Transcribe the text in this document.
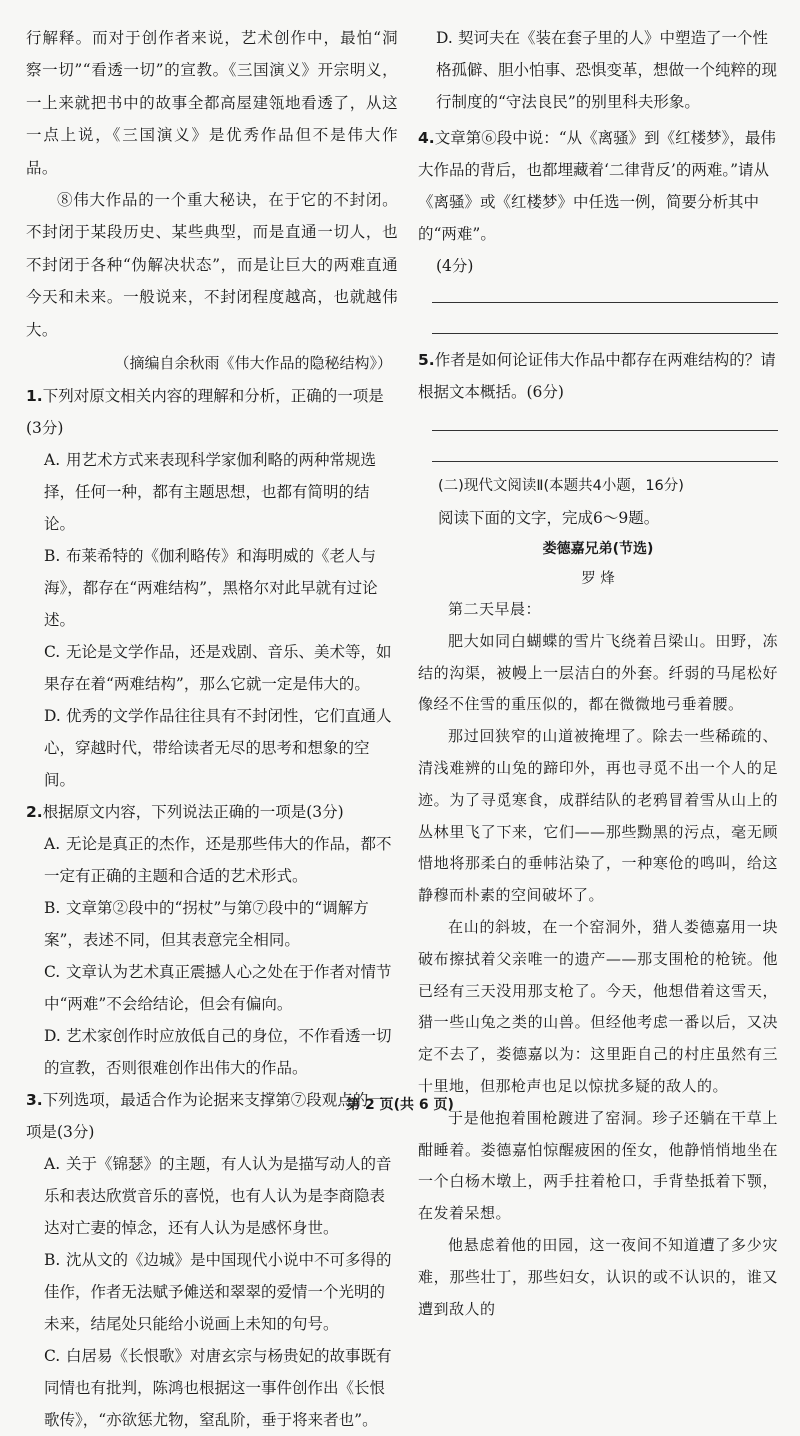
行解释。而对于创作者来说，艺术创作中，最怕“洞察一切”“看透一切”的宣教。《三国演义》开宗明义，一上来就把书中的故事全都高屋建瓴地看透了，从这一点上说，《三国演义》是优秀作品但不是伟大作品。

⑧伟大作品的一个重大秘诀，在于它的不封闭。不封闭于某段历史、某些典型，而是直通一切人，也不封闭于各种“伪解决状态”，而是让巨大的两难直通今天和未来。一般说来，不封闭程度越高，也就越伟大。

（摘编自余秋雨《伟大作品的隐秘结构》）

1.下列对原文相关内容的理解和分析，正确的一项是(3分)

A. 用艺术方式来表现科学家伽利略的两种常规选择，任何一种，都有主题思想，也都有简明的结论。

B. 布莱希特的《伽利略传》和海明威的《老人与海》，都存在“两难结构”，黑格尔对此早就有过论述。

C. 无论是文学作品，还是戏剧、音乐、美术等，如果存在着“两难结构”，那么它就一定是伟大的。

D. 优秀的文学作品往往具有不封闭性，它们直通人心，穿越时代，带给读者无尽的思考和想象的空间。

2.根据原文内容，下列说法正确的一项是(3分)

A. 无论是真正的杰作，还是那些伟大的作品，都不一定有正确的主题和合适的艺术形式。

B. 文章第②段中的“拐杖”与第⑦段中的“调解方案”，表述不同，但其表意完全相同。

C. 文章认为艺术真正震撼人心之处在于作者对情节中“两难”不会给结论，但会有偏向。

D. 艺术家创作时应放低自己的身位，不作看透一切的宣教，否则很难创作出伟大的作品。

3.下列选项，最适合作为论据来支撑第⑦段观点的一项是(3分)

A. 关于《锦瑟》的主题，有人认为是描写动人的音乐和表达欣赏音乐的喜悦，也有人认为是李商隐表达对亡妻的悼念，还有人认为是感怀身世。

B. 沈从文的《边城》是中国现代小说中不可多得的佳作，作者无法赋予傩送和翠翠的爱情一个光明的未来，结尾处只能给小说画上未知的句号。

C. 白居易《长恨歌》对唐玄宗与杨贵妃的故事既有同情也有批判，陈鸿也根据这一事件创作出《长恨歌传》，“亦欲惩尤物，窒乱阶，垂于将来者也”。

D. 契诃夫在《装在套子里的人》中塑造了一个性格孤僻、胆小怕事、恐惧变革，想做一个纯粹的现行制度的“守法良民”的别里科夫形象。

4.文章第⑥段中说：“从《离骚》到《红楼梦》，最伟大作品的背后，也都埋藏着‘二律背反’的两难。”请从《离骚》或《红楼梦》中任选一例，简要分析其中的“两难”。

(4分)

5.作者是如何论证伟大作品中都存在两难结构的？请根据文本概括。(6分)

(二)现代文阅读Ⅱ(本题共4小题，16分)

阅读下面的文字，完成6～9题。

娄德嘉兄弟(节选)

罗 烽

第二天早晨：

肥大如同白蝴蝶的雪片飞绕着吕梁山。田野，冻结的沟渠，被幔上一层洁白的外套。纤弱的马尾松好像经不住雪的重压似的，都在微微地弓垂着腰。

那过回狭窄的山道被掩埋了。除去一些稀疏的、清浅难辨的山兔的蹄印外，再也寻觅不出一个人的足迹。为了寻觅寒食，成群结队的老鸦冒着雪从山上的丛林里飞了下来，它们——那些黝黑的污点，毫无顾惜地将那柔白的垂帏沾染了，一种寒伧的鸣叫，给这静穆而朴素的空间破坏了。

在山的斜坡，在一个窑洞外，猎人娄德嘉用一块破布擦拭着父亲唯一的遗产——那支围枪的枪铳。他已经有三天没用那支枪了。今天，他想借着这雪天，猎一些山兔之类的山兽。但经他考虑一番以后，又决定不去了，娄德嘉以为：这里距自己的村庄虽然有三十里地，但那枪声也足以惊扰多疑的敌人的。

于是他抱着围枪踱进了窑洞。珍子还躺在干草上酣睡着。娄德嘉怕惊醒疲困的侄女，他静悄悄地坐在一个白杨木墩上，两手拄着枪口，手背垫抵着下颚，在发着呆想。

他悬虑着他的田园，这一夜间不知道遭了多少灾难，那些壮丁，那些妇女，认识的或不认识的，谁又遭到敌人的

第 2 页(共 6 页)
